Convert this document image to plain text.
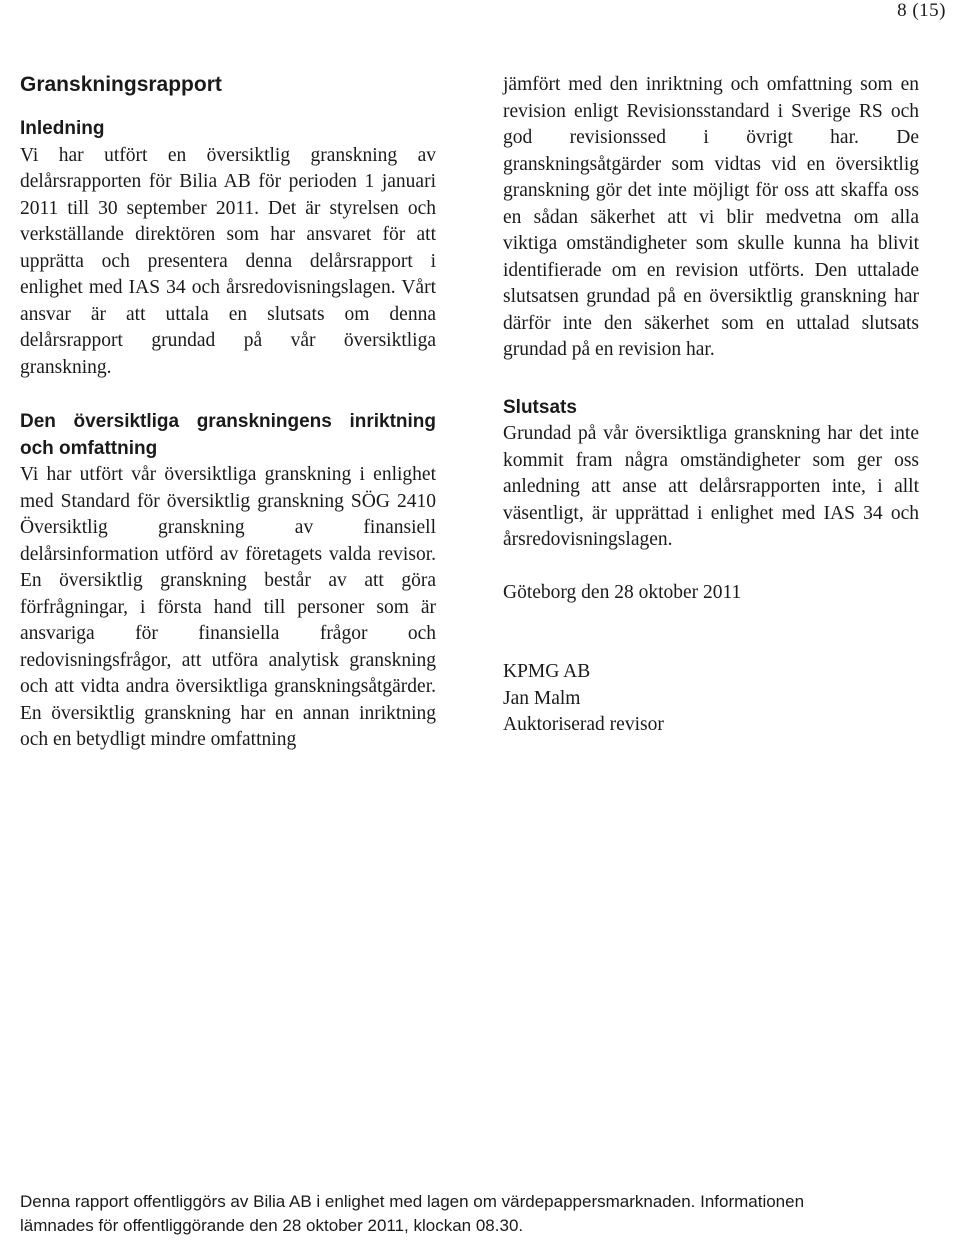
8 (15)
Granskningsrapport
Inledning

Vi har utfört en översiktlig granskning av delårsrapporten för Bilia AB för perioden 1 januari 2011 till 30 september 2011. Det är styrelsen och verkställande direktören som har ansvaret för att upprätta och presentera denna delårsrapport i enlighet med IAS 34 och årsredovisningslagen. Vårt ansvar är att uttala en slutsats om denna delårsrapport grundad på vår översiktliga granskning.

Den översiktliga granskningens inriktning och omfattning

Vi har utfört vår översiktliga granskning i enlighet med Standard för översiktlig granskning SÖG 2410 Översiktlig granskning av finansiell delårsinformation utförd av företagets valda revisor. En översiktlig granskning består av att göra förfrågningar, i första hand till personer som är ansvariga för finansiella frågor och redovisningsfrågor, att utföra analytisk granskning och att vidta andra översiktliga granskningsåtgärder. En översiktlig granskning har en annan inriktning och en betydligt mindre omfattning

jämfört med den inriktning och omfattning som en revision enligt Revisionsstandard i Sverige RS och god revisionssed i övrigt har. De granskningsåtgärder som vidtas vid en översiktlig granskning gör det inte möjligt för oss att skaffa oss en sådan säkerhet att vi blir medvetna om alla viktiga omständigheter som skulle kunna ha blivit identifierade om en revision utförts. Den uttalade slutsatsen grundad på en översiktlig granskning har därför inte den säkerhet som en uttalad slutsats grundad på en revision har.

Slutsats

Grundad på vår översiktliga granskning har det inte kommit fram några omständigheter som ger oss anledning att anse att delårsrapporten inte, i allt väsentligt, är upprättad i enlighet med IAS 34 och årsredovisningslagen.

Göteborg den 28 oktober 2011

KPMG AB
Jan Malm
Auktoriserad revisor
Denna rapport offentliggörs av Bilia AB i enlighet med lagen om värdepappersmarknaden. Informationen
lämnades för offentliggörande den 28 oktober 2011, klockan 08.30.
